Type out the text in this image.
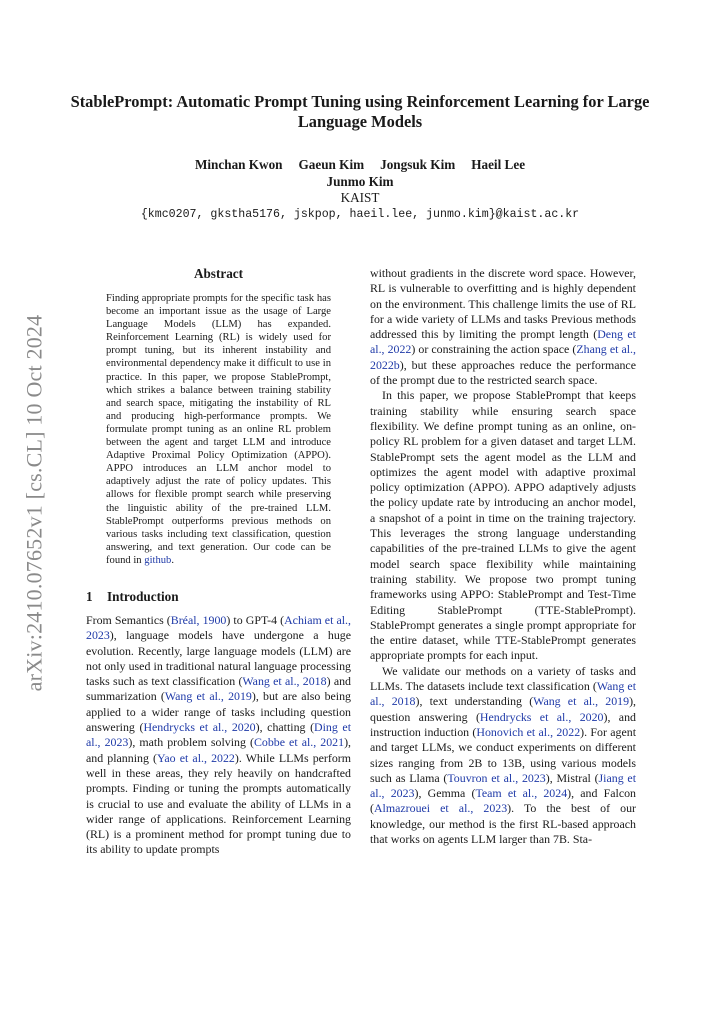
arXiv:2410.07652v1 [cs.CL] 10 Oct 2024
StablePrompt: Automatic Prompt Tuning using Reinforcement Learning for Large Language Models
Minchan Kwon Gaeun Kim Jongsuk Kim Haeil Lee
Junmo Kim
KAIST
{kmc0207, gkstha5176, jskpop, haeil.lee, junmo.kim}@kaist.ac.kr
Abstract
Finding appropriate prompts for the specific task has become an important issue as the usage of Large Language Models (LLM) has expanded. Reinforcement Learning (RL) is widely used for prompt tuning, but its inherent instability and environmental dependency make it difficult to use in practice. In this paper, we propose StablePrompt, which strikes a balance between training stability and search space, mitigating the instability of RL and producing high-performance prompts. We formulate prompt tuning as an online RL problem between the agent and target LLM and introduce Adaptive Proximal Policy Optimization (APPO). APPO introduces an LLM anchor model to adaptively adjust the rate of policy updates. This allows for flexible prompt search while preserving the linguistic ability of the pre-trained LLM. StablePrompt outperforms previous methods on various tasks including text classification, question answering, and text generation. Our code can be found in github.
1 Introduction

From Semantics (Bréal, 1900) to GPT-4 (Achiam et al., 2023), language models have undergone a huge evolution. Recently, large language models (LLM) are not only used in traditional natural language processing tasks such as text classification (Wang et al., 2018) and summarization (Wang et al., 2019), but are also being applied to a wider range of tasks including question answering (Hendrycks et al., 2020), chatting (Ding et al., 2023), math problem solving (Cobbe et al., 2021), and planning (Yao et al., 2022). While LLMs perform well in these areas, they rely heavily on handcrafted prompts. Finding or tuning the prompts automatically is crucial to use and evaluate the ability of LLMs in a wider range of applications. Reinforcement Learning (RL) is a prominent method for prompt tuning due to its ability to update prompts

without gradients in the discrete word space. However, RL is vulnerable to overfitting and is highly dependent on the environment. This challenge limits the use of RL for a wide variety of LLMs and tasks Previous methods addressed this by limiting the prompt length (Deng et al., 2022) or constraining the action space (Zhang et al., 2022b), but these approaches reduce the performance of the prompt due to the restricted search space.

In this paper, we propose StablePrompt that keeps training stability while ensuring search space flexibility. We define prompt tuning as an online, on-policy RL problem for a given dataset and target LLM. StablePrompt sets the agent model as the LLM and optimizes the agent model with adaptive proximal policy optimization (APPO). APPO adaptively adjusts the policy update rate by introducing an anchor model, a snapshot of a point in time on the training trajectory. This leverages the strong language understanding capabilities of the pre-trained LLMs to give the agent model search space flexibility while maintaining training stability. We propose two prompt tuning frameworks using APPO: StablePrompt and Test-Time Editing StablePrompt (TTE-StablePrompt). StablePrompt generates a single prompt appropriate for the entire dataset, while TTE-StablePrompt generates appropriate prompts for each input.

We validate our methods on a variety of tasks and LLMs. The datasets include text classification (Wang et al., 2018), text understanding (Wang et al., 2019), question answering (Hendrycks et al., 2020), and instruction induction (Honovich et al., 2022). For agent and target LLMs, we conduct experiments on different sizes ranging from 2B to 13B, using various models such as Llama (Touvron et al., 2023), Mistral (Jiang et al., 2023), Gemma (Team et al., 2024), and Falcon (Almazrouei et al., 2023). To the best of our knowledge, our method is the first RL-based approach that works on agents LLM larger than 7B. Sta-
